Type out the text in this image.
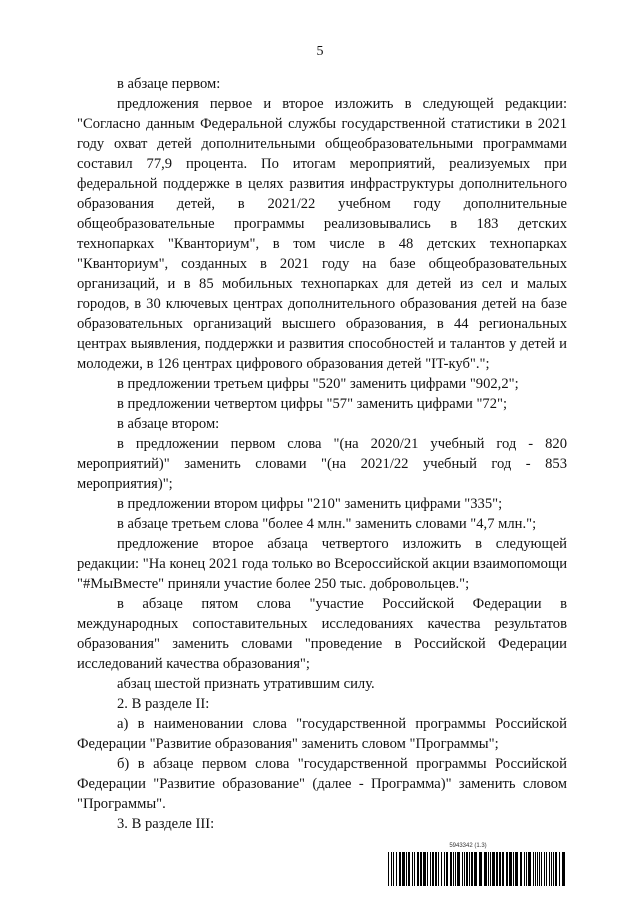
5

в абзаце первом:

предложения первое и второе изложить в следующей редакции: "Согласно данным Федеральной службы государственной статистики в 2021 году охват детей дополнительными общеобразовательными программами составил 77,9 процента. По итогам мероприятий, реализуемых при федеральной поддержке в целях развития инфраструктуры дополнительного образования детей, в 2021/22 учебном году дополнительные общеобразовательные программы реализовывались в 183 детских технопарках "Кванториум", в том числе в 48 детских технопарках "Кванториум", созданных в 2021 году на базе общеобразовательных организаций, и в 85 мобильных технопарках для детей из сел и малых городов, в 30 ключевых центрах дополнительного образования детей на базе образовательных организаций высшего образования, в 44 региональных центрах выявления, поддержки и развития способностей и талантов у детей и молодежи, в 126 центрах цифрового образования детей "IT-куб".";

в предложении третьем цифры "520" заменить цифрами "902,2";

в предложении четвертом цифры "57" заменить цифрами "72";

в абзаце втором:

в предложении первом слова "(на 2020/21 учебный год - 820 мероприятий)" заменить словами "(на 2021/22 учебный год - 853 мероприятия)";

в предложении втором цифры "210" заменить цифрами "335";

в абзаце третьем слова "более 4 млн." заменить словами "4,7 млн.";

предложение второе абзаца четвертого изложить в следующей редакции: "На конец 2021 года только во Всероссийской акции взаимопомощи "#МыВместе" приняли участие более 250 тыс. добровольцев.";

в абзаце пятом слова "участие Российской Федерации в международных сопоставительных исследованиях качества результатов образования" заменить словами "проведение в Российской Федерации исследований качества образования";

абзац шестой признать утратившим силу.

2. В разделе II:

а) в наименовании слова "государственной программы Российской Федерации "Развитие образования" заменить словом "Программы";

б) в абзаце первом слова "государственной программы Российской Федерации "Развитие образование" (далее - Программа)" заменить словом "Программы".

3. В разделе III:

5943342 (1.3)
